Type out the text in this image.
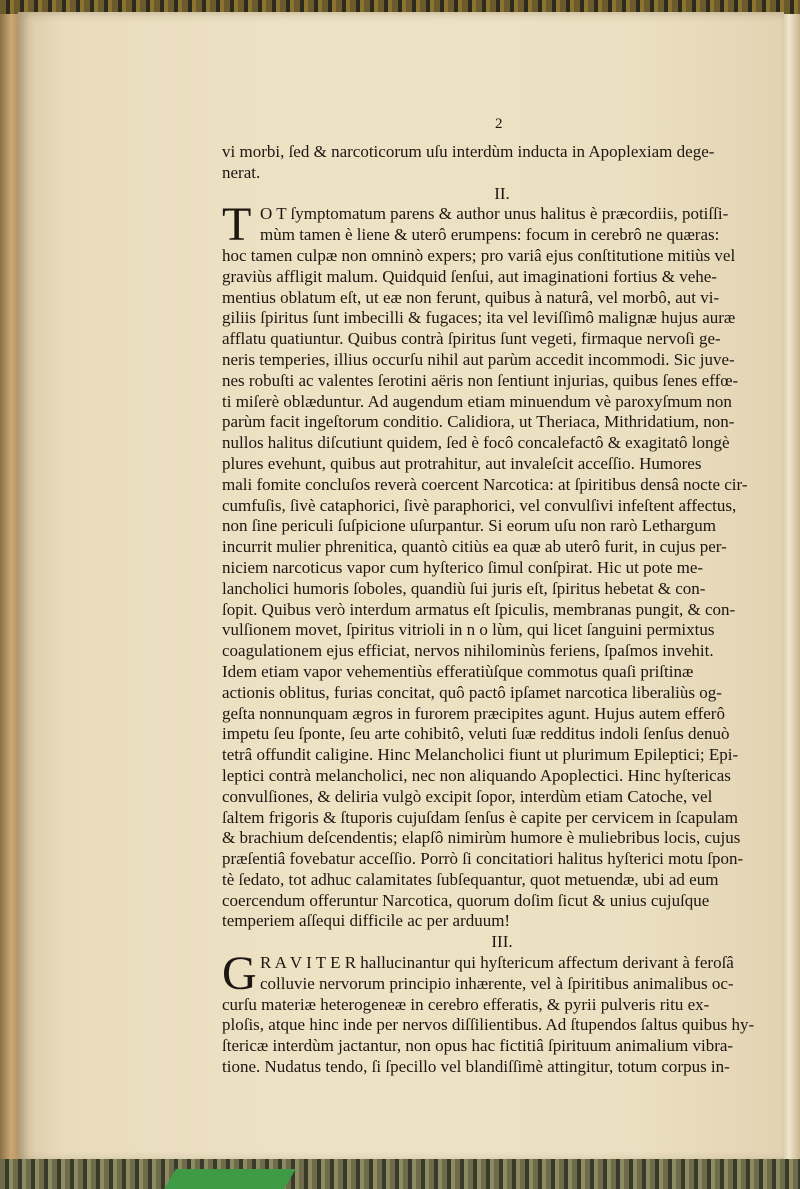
2
vi morbi, ſed & narcoticorum uſu interdùm inducta in Apoplexiam dege-
nerat.
II.
T O T ſymptomatum parens & author unus halitus è præcordiis, potiſſi-
mùm tamen è liene & uterô erumpens: focum in cerebrô ne quæras:
hoc tamen culpæ non omninò expers; pro variâ ejus conſtitutione mitiùs vel
graviùs affligit malum. Quidquid ſenſui, aut imaginationi fortius & vehe-
mentius oblatum eſt, ut eæ non ferunt, quibus à naturâ, vel morbô, aut vi-
giliis ſpiritus ſunt imbecilli & fugaces; ita vel leviſſimô malignæ hujus auræ
afflatu quatiuntur. Quibus contrà ſpiritus ſunt vegeti, firmaque nervoſi ge-
neris temperies, illius occurſu nihil aut parùm accedit incommodi. Sic juve-
nes robuſti ac valentes ſerotini aëris non ſentiunt injurias, quibus ſenes effœ-
ti miſerè oblæduntur. Ad augendum etiam minuendum vè paroxyſmum non
parùm facit ingeſtorum conditio. Calidiora, ut Theriaca, Mithridatium, non-
nullos halitus diſcutiunt quidem, ſed è focô concalefactô & exagitatô longè
plures evehunt, quibus aut protrahitur, aut invaleſcit acceſſio. Humores
mali fomite concluſos reverà coercent Narcotica: at ſpiritibus densâ nocte cir-
cumfuſis, ſivè cataphorici, ſivè paraphorici, vel convulſivi infeſtent affectus,
non ſine periculi ſuſpicione uſurpantur. Si eorum uſu non rarò Lethargum
incurrit mulier phrenitica, quantò citiùs ea quæ ab uterô furit, in cujus per-
niciem narcoticus vapor cum hyſterico ſimul conſpirat. Hic ut pote me-
lancholici humoris ſoboles, quandiù ſui juris eſt, ſpiritus hebetat & con-
ſopit. Quibus verò interdum armatus eſt ſpiculis, membranas pungit, & con-
vulſionem movet, ſpiritus vitrioli in n o lùm, qui licet ſanguini permixtus
coagulationem ejus efficiat, nervos nihilominùs feriens, ſpaſmos invehit.
Idem etiam vapor vehementiùs efferatiùſque commotus quaſi priſtinæ
actionis oblitus, furias concitat, quô pactô ipſamet narcotica liberaliùs og-
geſta nonnunquam ægros in furorem præcipites agunt. Hujus autem efferô
impetu ſeu ſponte, ſeu arte cohibitô, veluti ſuæ redditus indoli ſenſus denuò
tetrâ offundit caligine. Hinc Melancholici fiunt ut plurimum Epileptici; Epi-
leptici contrà melancholici, nec non aliquando Apoplectici. Hinc hyſtericas
convulſiones, & deliria vulgò excipit ſopor, interdùm etiam Catoche, vel
ſaltem frigoris & ſtuporis cujuſdam ſenſus è capite per cervicem in ſcapulam
& brachium deſcendentis; elapſô nimirùm humore è muliebribus locis, cujus
præſentiâ fovebatur acceſſio. Porrò ſi concitatiori halitus hyſterici motu ſpon-
tè ſedato, tot adhuc calamitates ſubſequantur, quot metuendæ, ubi ad eum
coercendum offeruntur Narcotica, quorum doſim ſicut & unius cujuſque
temperiem aſſequi difficile ac per arduum!
III.
G R A V I T E R hallucinantur qui hyſtericum affectum derivant à feroſâ
colluvie nervorum principio inhærente, vel à ſpiritibus animalibus oc-
curſu materiæ heterogeneæ in cerebro efferatis, & pyrii pulveris ritu ex-
ploſis, atque hinc inde per nervos diſſilientibus. Ad ſtupendos ſaltus quibus hy-
ſtericæ interdùm jactantur, non opus hac fictitiâ ſpirituum animalium vibra-
tione. Nudatus tendo, ſi ſpecillo vel blandiſſimè attingitur, totum corpus in-
